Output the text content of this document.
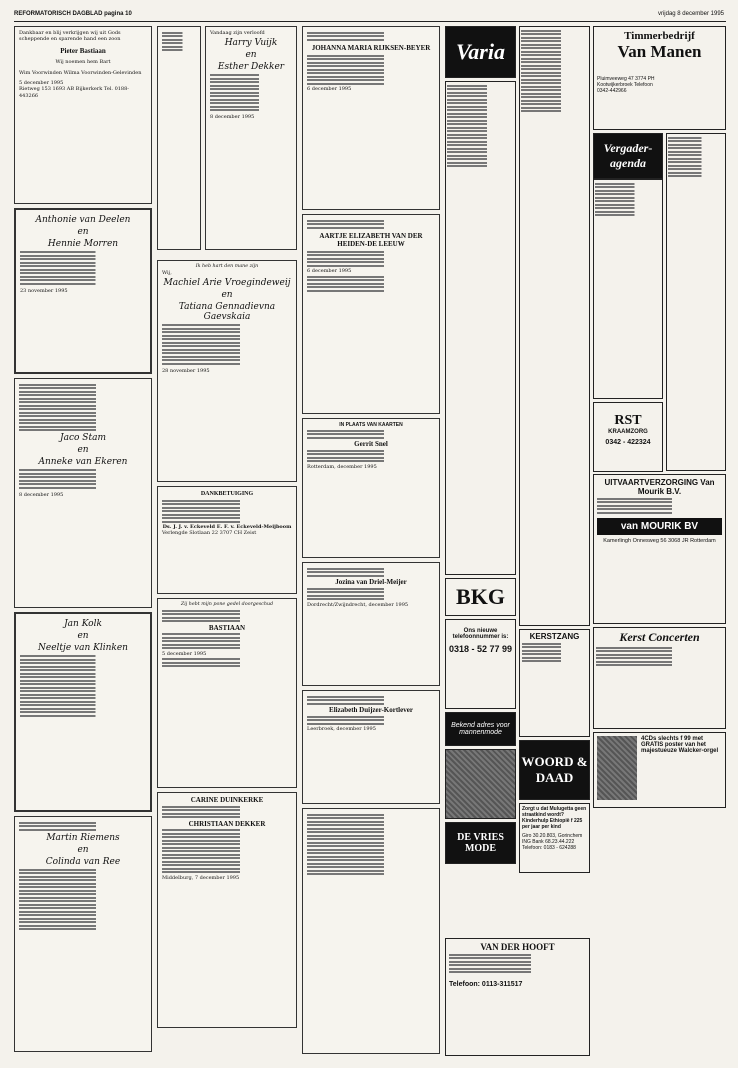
REFORMATORISCH DAGBLAD pagina 10	vrijdag 8 december 1995
Dankbaar en blij verkrijgen wij uit Gods scheppende en sparende hand een zoon
Pieter Bastiaan
Wij noemen hem Bart
Wim Voorwinden Wilma Voorwinden-Gelevinden
5 december 1995
Rietweg 153 1693 AB Bijkerkerk Tel. 0188-443266
Anthonie van Deelen
en
Hennie Morren
23 november 1995
Jaco Stam
en
Anneke van Ekeren
8 december 1995
Jan Kolk
en
Neeltje van Klinken
Martin Riemens
en
Colinda van Ree
Vandaag zijn verloofd
Harry Vuijk
en
Esther Dekker
8 december 1995
Ik heb hart den mane zijn
Wij,
Machiel Arie Vroegindeweij
en
Tatiana Gennadievna Gaevskaia
28 november 1995
DANKBETUIGING
Ds. J. J. v. Eckeveld E. F. v. Eckeveld-Meijboom
Verlengde Slotlaan 22 3707 CH Zeist
Zij hebt mijn pone gedel doorgeschud
BASTIAAN
5 december 1995
CARINE DUINKERKE
CHRISTIAAN DEKKER
Middelburg, 7 december 1995
JOHANNA MARIA RIJKSEN-BEYER
6 december 1995
AARTJE ELIZABETH VAN DER HEIDEN-DE LEEUW
6 december 1995
IN PLAATS VAN KAARTEN
Gerrit Snel
Rotterdam, december 1995
Jozina van Driel-Meijer
Dordrecht/Zwijndrecht, december 1995
Elizabeth Duijzer-Kortlever
Leerbroek, december 1995
Varia
BKG
Ons nieuwe telefoonnummer is:
0318 - 52 77 99
Bekend adres voor mannenmode
DE VRIES MODE
KERSTZANG
WOORD & DAAD
Zorgt u dat Mulugetta geen straatkind wordt? Kinderhulp Ethiopië f 225 per jaar per kind
Giro 30.20.803, Gorinchem ING Bank 68.23.44.222 Telefoon: 0183 - 624288
Timmerbedrijf
Van Manen
Pluimveeweg 47 3774 PH Kootwijkerbroek Telefoon 0342-442966
Vergader-agenda
RST
KRAAMZORG
0342 - 422324
UITVAARTVERZORGING Van Mourik B.V.
van MOURIK BV
Kamerlingh Onnesweg 56 3068 JR Rotterdam
Kerst Concerten
4CDs slechts f 99 met GRATIS poster van het majestueuze Walcker-orgel
VAN DER HOOFT
Telefoon: 0113-311517
